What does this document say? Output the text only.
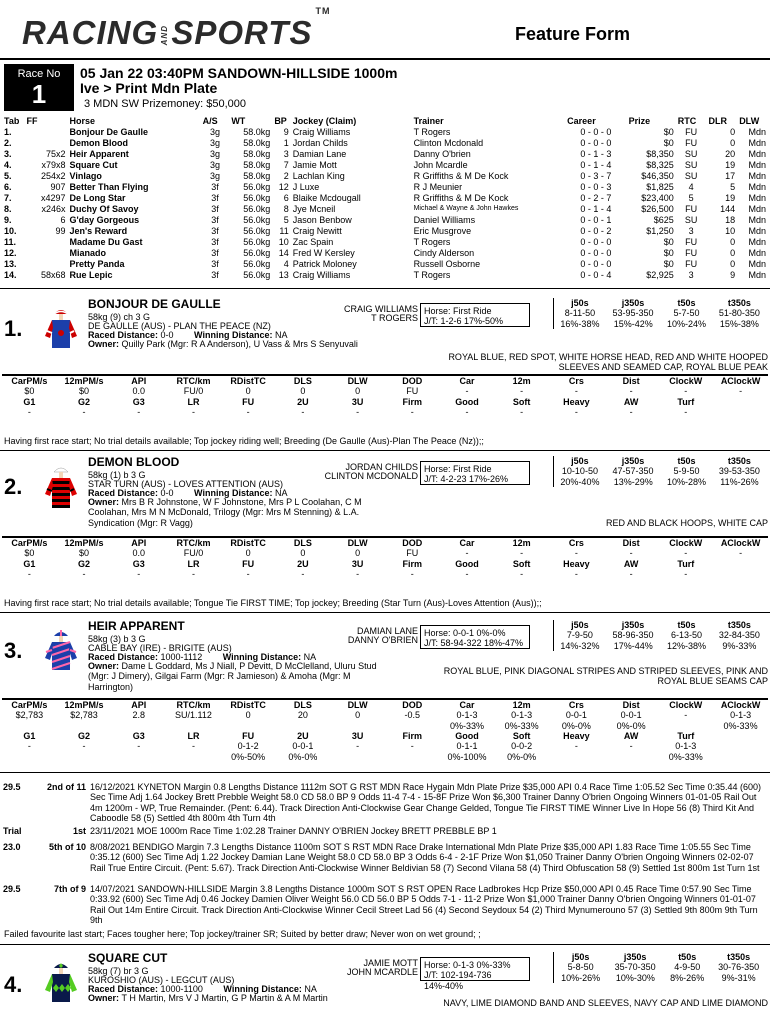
RACING ANDSPORTS™
Feature Form
Race No
1
05 Jan 22 03:40PM SANDOWN-HILLSIDE 1000m
Ive > Print Mdn Plate
3 MDN SW Prizemoney: $50,000
Tab	FF	Horse	A/S	WT	BP	Jockey (Claim)	Trainer	Career	Prize	RTC	DLR	DLW
1.		Bonjour De Gaulle	3g	58.0kg	9	Craig Williams	T Rogers	0 - 0 - 0	$0	FU	0	Mdn
2.		Demon Blood	3g	58.0kg	1	Jordan Childs	Clinton Mcdonald	0 - 0 - 0	$0	FU	0	Mdn
3.	75x2	Heir Apparent	3g	58.0kg	3	Damian Lane	Danny O'brien	0 - 1 - 3	$8,350	SU	20	Mdn
4.	x79x8	Square Cut	3g	58.0kg	7	Jamie Mott	John Mcardle	0 - 1 - 4	$8,325	SU	19	Mdn
5.	254x2	Vinlago	3g	58.0kg	2	Lachlan King	R Griffiths & M De Kock	0 - 3 - 7	$46,350	SU	17	Mdn
6.	907	Better Than Flying	3f	56.0kg	12	J Luxe	R J Meunier	0 - 0 - 3	$1,825	4	5	Mdn
7.	x4297	De Long Star	3f	56.0kg	6	Blaike Mcdougall	R Griffiths & M De Kock	0 - 2 - 7	$23,400	5	19	Mdn
8.	x246x	Duchy Of Savoy	3f	56.0kg	8	Jye Mcneil	Michael & Wayne & John Hawkes	0 - 1 - 4	$26,500	FU	144	Mdn
9.	6	G'day Gorgeous	3f	56.0kg	5	Jason Benbow	Daniel Williams	0 - 0 - 1	$625	SU	18	Mdn
10.	99	Jen's Reward	3f	56.0kg	11	Craig Newitt	Eric Musgrove	0 - 0 - 2	$1,250	3	10	Mdn
11.		Madame Du Gast	3f	56.0kg	10	Zac Spain	T Rogers	0 - 0 - 0	$0	FU	0	Mdn
12.		Mianado	3f	56.0kg	14	Fred W Kersley	Cindy Alderson	0 - 0 - 0	$0	FU	0	Mdn
13.		Pretty Panda	3f	56.0kg	4	Patrick Moloney	Russell Osborne	0 - 0 - 0	$0	FU	0	Mdn
14.	58x68	Rue Lepic	3f	56.0kg	13	Craig Williams	T Rogers	0 - 0 - 4	$2,925	3	9	Mdn
1.
BONJOUR DE GAULLE
58kg (9) ch 3 G
DE GAULLE (AUS) - PLAN THE PEACE (NZ)
Raced Distance: 0-0 Winning Distance: NA
Owner: Quilly Park (Mgr: R A Anderson), U Vass & Mrs S Senyuvali
CRAIG WILLIAMS
T ROGERS
Horse: First Ride
J/T: 1-2-6 17%-50%
j50s	j350s	t50s	t350s
8-11-50	53-95-350	5-7-50	51-80-350
16%-38%	15%-42%	10%-24%	15%-38%
ROYAL BLUE, RED SPOT, WHITE HORSE HEAD, RED AND WHITE HOOPED SLEEVES AND SEAMED CAP, ROYAL BLUE PEAK
CarPM/s	12mPM/s	API	RTC/km	RDistTC	DLS	DLW	DOD	Car	12m	Crs	Dist	ClockW	AClockW
$0	$0	0.0	FU/0	0	0	0	FU	-	-	-	-	-	-
G1	G2	G3	LR	FU	2U	3U	Firm	Good	Soft	Heavy	AW	Turf	
-	-	-	-	-	-	-	-	-	-	-	-	-	
Having first race start; No trial details available; Top jockey riding well; Breeding (De Gaulle (Aus)-Plan The Peace (Nz));;
2.
DEMON BLOOD
58kg (1) b 3 G
STAR TURN (AUS) - LOVES ATTENTION (AUS)
Raced Distance: 0-0 Winning Distance: NA
Owner: Mrs B R Johnstone, W F Johnstone, Mrs P L Coolahan, C M Coolahan, Mrs M N McDonald, Trilogy (Mgr: Mrs M Stenning) & L.A. Syndication (Mgr: R Vagg)
JORDAN CHILDS
CLINTON MCDONALD
Horse: First Ride
J/T: 4-2-23 17%-26%
j50s	j350s	t50s	t350s
10-10-50	47-57-350	5-9-50	39-53-350
20%-40%	13%-29%	10%-28%	11%-26%
RED AND BLACK HOOPS, WHITE CAP
CarPM/s	12mPM/s	API	RTC/km	RDistTC	DLS	DLW	DOD	Car	12m	Crs	Dist	ClockW	AClockW
$0	$0	0.0	FU/0	0	0	0	FU	-	-	-	-	-	-
G1	G2	G3	LR	FU	2U	3U	Firm	Good	Soft	Heavy	AW	Turf	
-	-	-	-	-	-	-	-	-	-	-	-	-	
Having first race start; No trial details available; Tongue Tie FIRST TIME; Top jockey; Breeding (Star Turn (Aus)-Loves Attention (Aus));;
3.
HEIR APPARENT
58kg (3) b 3 G
CABLE BAY (IRE) - BRIGITE (AUS)
Raced Distance: 1000-1112 Winning Distance: NA
Owner: Dame L Goddard, Ms J Niall, P Devitt, D McClelland, Uluru Stud (Mgr: J Dimery), Gilgai Farm (Mgr: R Jamieson) & Amoha (Mgr: M Harrington)
DAMIAN LANE
DANNY O'BRIEN
Horse: 0-0-1 0%-0%
J/T: 58-94-322 18%-47%
j50s	j350s	t50s	t350s
7-9-50	58-96-350	6-13-50	32-84-350
14%-32%	17%-44%	12%-38%	9%-33%
ROYAL BLUE, PINK DIAGONAL STRIPES AND STRIPED SLEEVES, PINK AND ROYAL BLUE SEAMS CAP
CarPM/s	12mPM/s	API	RTC/km	RDistTC	DLS	DLW	DOD	Car	12m	Crs	Dist	ClockW	AClockW
$2,783	$2,783	2.8	SU/1.112	0	20	0	-0.5	0-1-3	0-1-3	0-0-1	0-0-1	-	0-1-3
								0%-33%	0%-33%	0%-0%	0%-0%		0%-33%
G1	G2	G3	LR	FU	2U	3U	Firm	Good	Soft	Heavy	AW	Turf	
-	-	-	-	0-1-2	0-0-1	-	-	0-1-1	0-0-2	-	-	0-1-3	
				0%-50%	0%-0%			0%-100%	0%-0%			0%-33%	
29.5	2nd of 11 16/12/2021 KYNETON Margin 0.8 Lengths Distance 1112m SOT G RST MDN Race Hygain Mdn Plate Prize $35,000 API 0.4 Race Time 1:05.52 Sec Time 0:35.44 (600) Sec Time Adj 1.64 Jockey Brett Prebble Weight 58.0 CD 58.0 BP 9 Odds 11-4 7-4 - 15-8F Prize Won $6,300 Trainer Danny O'brien Ongoing Winners 01-01-05 Rail Out 4m 1200m - WP, True Remainder. (Pent: 6.44). Track Direction Anti-Clockwise Gear Change Gelded, Tongue Tie FIRST TIME Winner Live In Hope 56 (8) Third Kit And Caboodle 58 (5) Settled 4th 800m 4th Turn 4th
Trial	1st 23/11/2021 MOE 1000m Race Time 1:02.28 Trainer DANNY O'BRIEN Jockey BRETT PREBBLE BP 1
23.0	5th of 10 8/08/2021 BENDIGO Margin 7.3 Lengths Distance 1100m SOT S RST MDN Race Drake International Mdn Plate Prize $35,000 API 1.83 Race Time 1:05.55 Sec Time 0:35.12 (600) Sec Time Adj 1.22 Jockey Damian Lane Weight 58.0 CD 58.0 BP 3 Odds 6-4 - 2-1F Prize Won $1,050 Trainer Danny O'brien Ongoing Winners 02-02-07 Rail True Entire Circuit. (Pent: 5.67). Track Direction Anti-Clockwise Winner Beldivian 58 (7) Second Vilana 58 (4) Third Obfuscation 58 (9) Settled 1st 800m 1st Turn 1st
29.5	7th of 9 14/07/2021 SANDOWN-HILLSIDE Margin 3.8 Lengths Distance 1000m SOT S RST OPEN Race Ladbrokes Hcp Prize $50,000 API 0.45 Race Time 0:57.90 Sec Time 0:33.92 (600) Sec Time Adj 0.46 Jockey Damien Oliver Weight 56.0 CD 56.0 BP 5 Odds 7-1 - 11-2 Prize Won $1,000 Trainer Danny O'brien Ongoing Winners 01-01-07 Rail Out 14m Entire Circuit. Track Direction Anti-Clockwise Winner Cecil Street Lad 56 (4) Second Seydoux 54 (2) Third Mynumerouno 57 (3) Settled 9th 800m 9th Turn 9th
Failed favourite last start; Faces tougher here; Top jockey/trainer SR; Suited by better draw; Never won on wet ground; ;
4.
SQUARE CUT
58kg (7) br 3 G
KUROSHIO (AUS) - LEGCUT (AUS)
Raced Distance: 1000-1100 Winning Distance: NA
Owner: T H Martin, Mrs V J Martin, G P Martin & A M Martin
JAMIE MOTT
JOHN MCARDLE
Horse: 0-1-3 0%-33%
J/T: 102-194-736 14%-40%
j50s	j350s	t50s	t350s
5-8-50	35-70-350	4-9-50	30-76-350
10%-26%	10%-30%	8%-26%	9%-31%
NAVY, LIME DIAMOND BAND AND SLEEVES, NAVY CAP AND LIME DIAMOND
